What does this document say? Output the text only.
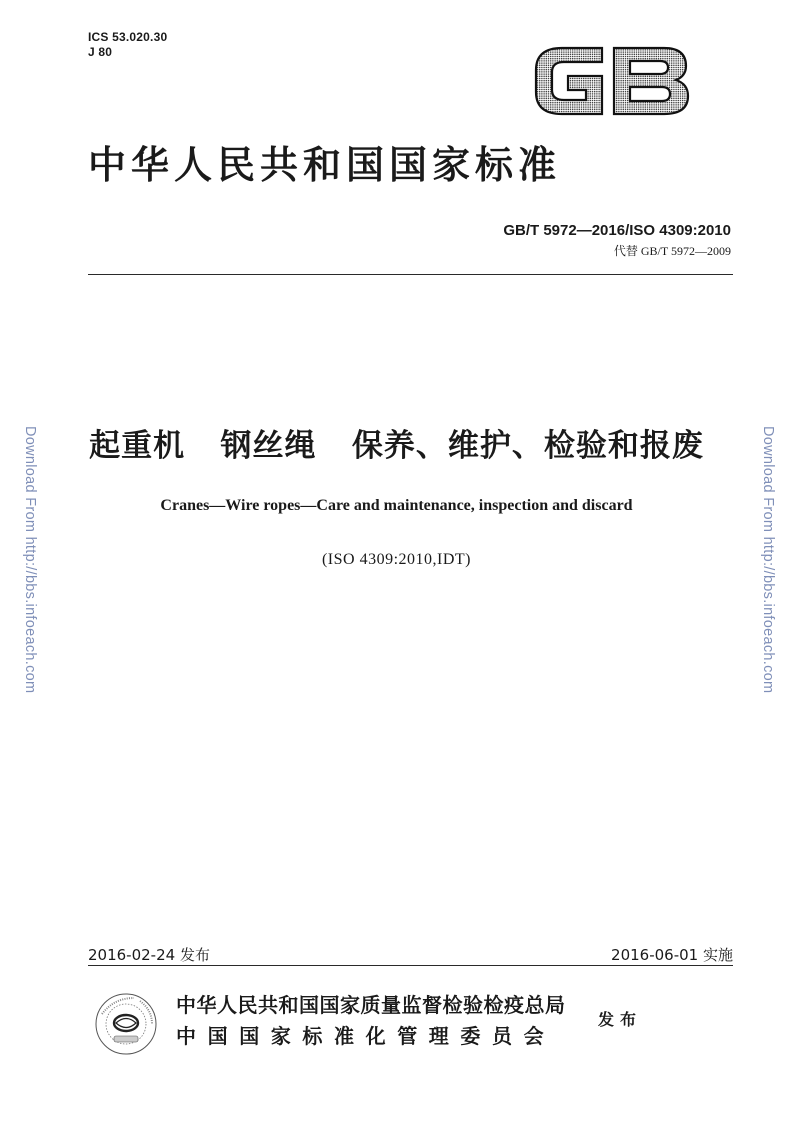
ICS 53.020.30
J 80
中华人民共和国国家标准
GB/T 5972—2016/ISO 4309:2010
代替 GB/T 5972—2009
起重机   钢丝绳   保养、维护、检验和报废
Cranes—Wire ropes—Care and maintenance, inspection and discard
(ISO 4309:2010,IDT)
Download From http://bbs.infoeach.com	Download From http://bbs.infoeach.com
2016-02-24 发布	2016-06-01 实施
中华人民共和国国家质量监督检验检疫总局
中国国家标准化管理委员会
发布
